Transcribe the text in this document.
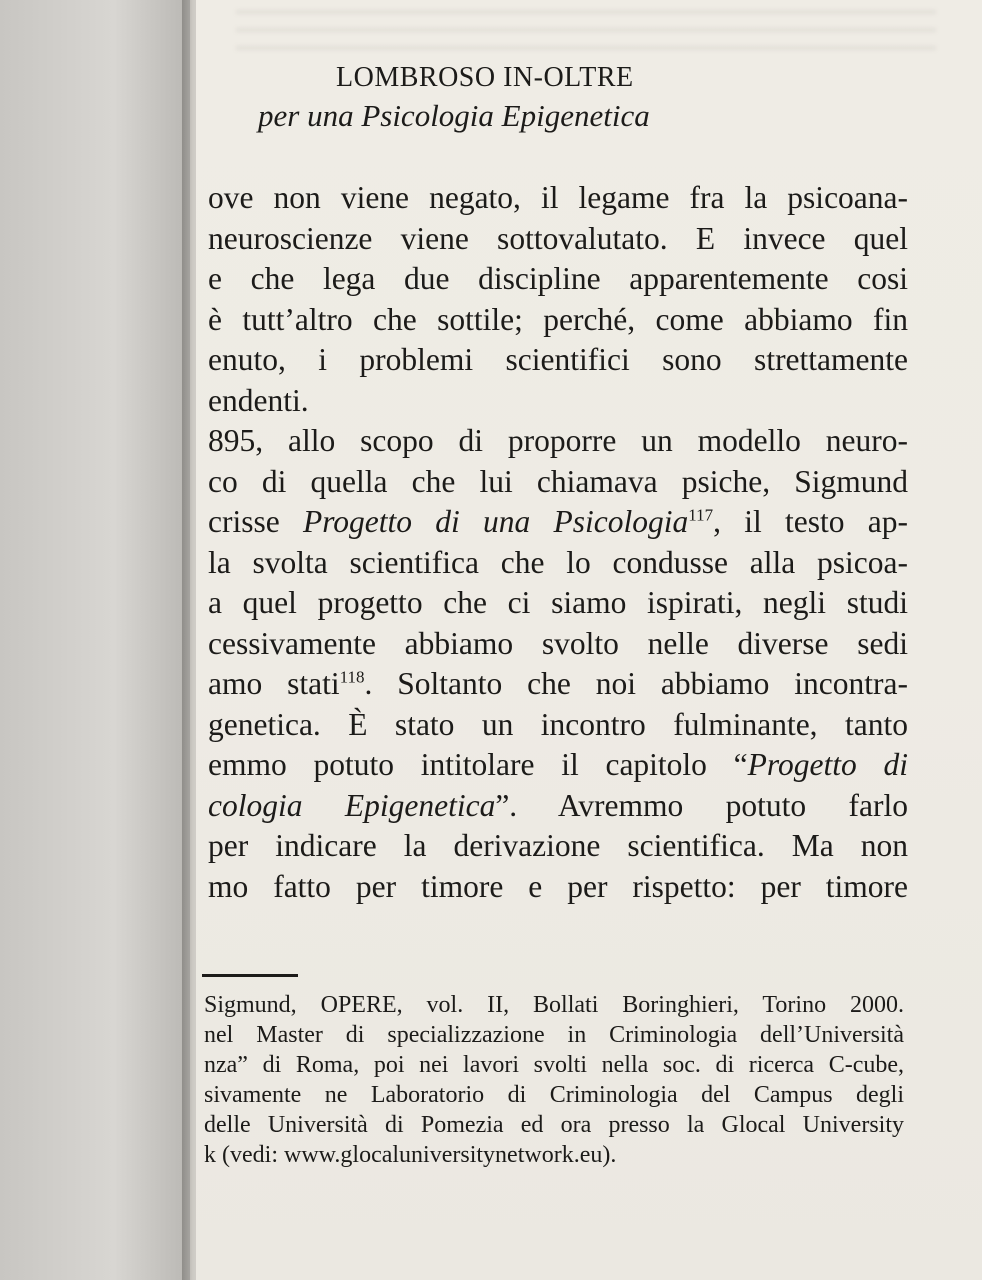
LOMBROSO IN-OLTRE
per una Psicologia Epigenetica
ove non viene negato, il legame fra la psicoana-
neuroscienze viene sottovalutato. E invece quel
e che lega due discipline apparentemente cosi
è tutt’altro che sottile; perché, come abbiamo fin
enuto, i problemi scientifici sono strettamente
endenti.
895, allo scopo di proporre un modello neuro-
co di quella che lui chiamava psiche, Sigmund
crisse Progetto di una Psicologia$^{117}$, il testo ap-
la svolta scientifica che lo condusse alla psicoa-
a quel progetto che ci siamo ispirati, negli studi
cessivamente abbiamo svolto nelle diverse sedi
amo stati$^{118}$. Soltanto che noi abbiamo incontra-
genetica. È stato un incontro fulminante, tanto
emmo potuto intitolare il capitolo “Progetto di
cologia Epigenetica”. Avremmo potuto farlo
per indicare la derivazione scientifica. Ma non
mo fatto per timore e per rispetto: per timore
Sigmund, OPERE, vol. II, Bollati Boringhieri, Torino 2000.
nel Master di specializzazione in Criminologia dell’Università
nza” di Roma, poi nei lavori svolti nella soc. di ricerca C-cube,
sivamente ne Laboratorio di Criminologia del Campus degli
delle Università di Pomezia ed ora presso la Glocal University
k (vedi: www.glocaluniversitynetwork.eu).
